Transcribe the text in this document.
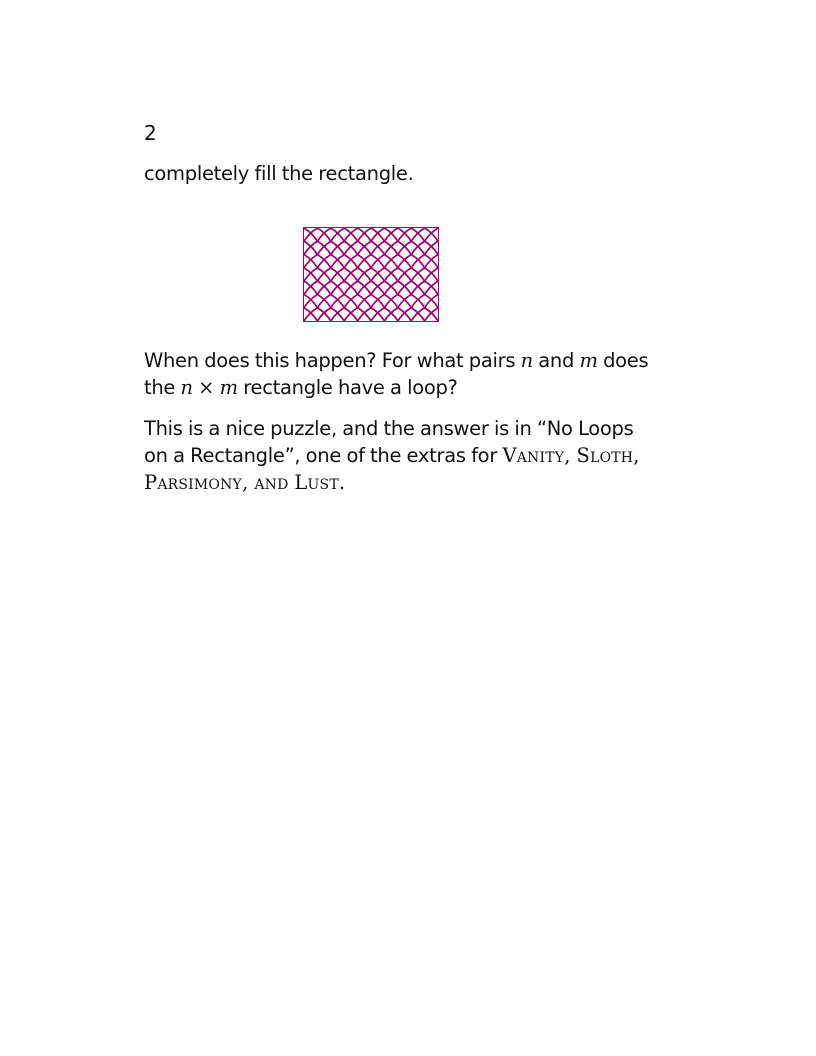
2
completely fill the rectangle.
When does this happen? For what pairs n and m does
the n × m rectangle have a loop?
This is a nice puzzle, and the answer is in “No Loops
on a Rectangle”, one of the extras for Vanity, Sloth,
Parsimony, and Lust.
